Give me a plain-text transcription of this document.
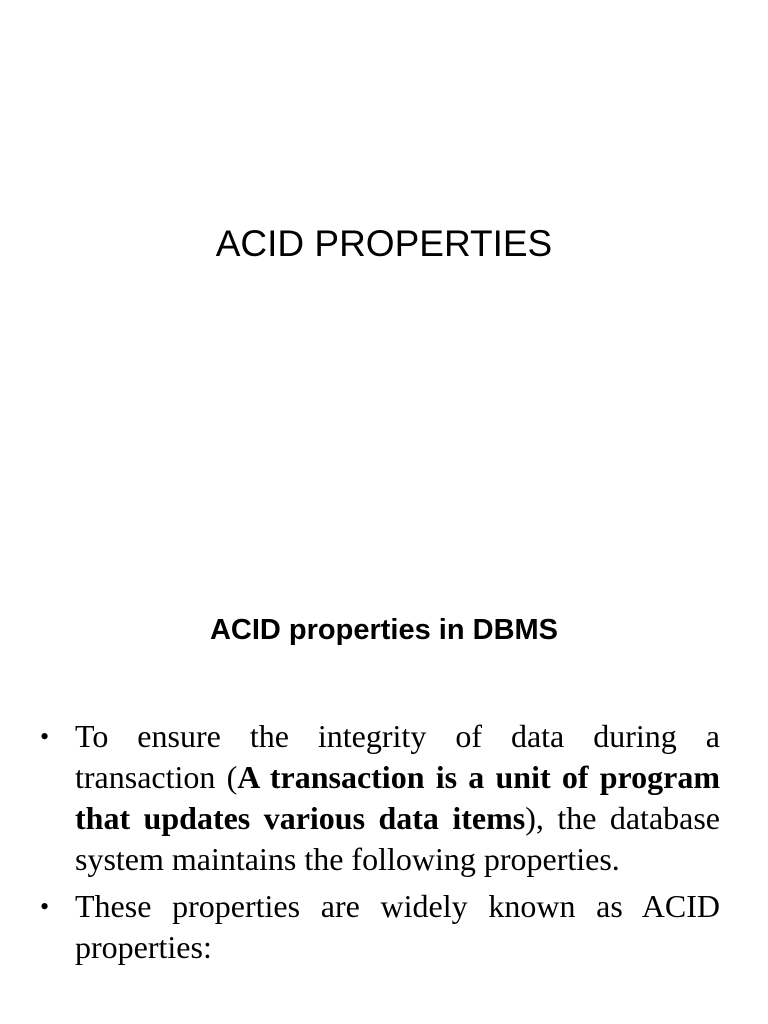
ACID PROPERTIES
ACID properties in DBMS
• To ensure the integrity of data during a transaction (A transaction is a unit of program that updates various data items), the database system maintains the following properties.
• These properties are widely known as ACID properties:
